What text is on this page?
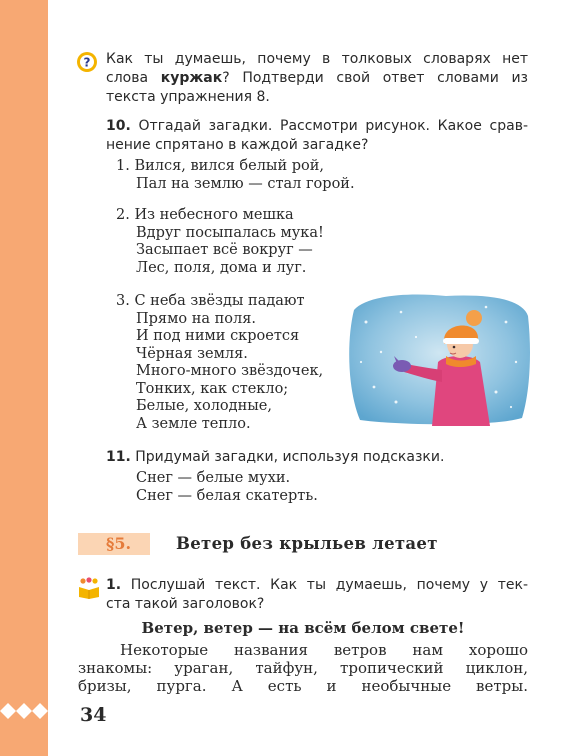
? Как ты думаешь, почему в толковых словарях нет
слова куржак? Подтверди свой ответ словами из
текста упражнения 8.
10. Отгадай загадки. Рассмотри рисунок. Какое срав-
нение спрятано в каждой загадке?
1. Вился, вился белый рой,
Пал на землю — стал горой.
2. Из небесного мешка
Вдруг посыпалась мука!
Засыпает всё вокруг —
Лес, поля, дома и луг.
3. С неба звёзды падают
Прямо на поля.
И под ними скроется
Чёрная земля.
Много-много звёздочек,
Тонких, как стекло;
Белые, холодные,
А земле тепло.
11. Придумай загадки, используя подсказки.
Снег — белые мухи.
Снег — белая скатерть.
§5.	Ветер без крыльев летает
1. Послушай текст. Как ты думаешь, почему у тек-
ста такой заголовок?
Ветер, ветер — на всём белом свете!
Некоторые названия ветров нам хорошо
знакомы: ураган, тайфун, тропический циклон,
бризы, пурга. А есть и необычные ветры.
34
